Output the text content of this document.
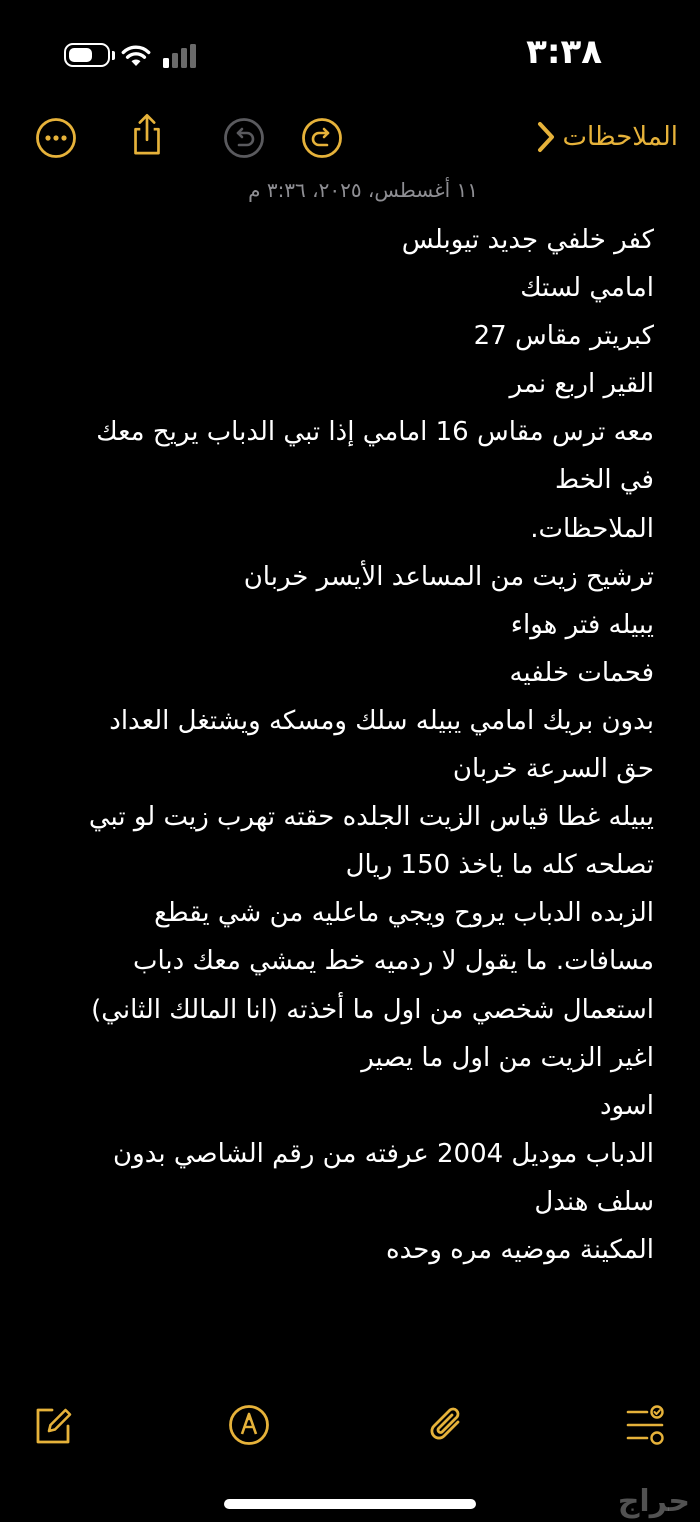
٣:٣٨
الملاحظات
١١ أغسطس، ٢٠٢٥، ٣:٣٦ م
كفر خلفي جديد تيوبلس
امامي لستك
كبريتر مقاس 27
القير اربع نمر
معه ترس مقاس 16 امامي إذا تبي الدباب يريح معك
في الخط
الملاحظات.
ترشيح زيت من المساعد الأيسر خربان
يبيله فتر هواء
فحمات خلفيه
بدون بريك امامي يبيله سلك ومسكه ويشتغل العداد
حق السرعة خربان
يبيله غطا قياس الزيت الجلده حقته تهرب زيت لو تبي
تصلحه كله ما ياخذ 150 ريال
الزبده الدباب يروح ويجي ماعليه من شي يقطع
مسافات. ما يقول لا ردميه خط يمشي معك دباب
استعمال شخصي من اول ما أخذته (انا المالك الثاني)
اغير الزيت من اول ما يصير
اسود
الدباب موديل 2004 عرفته من رقم الشاصي بدون
سلف هندل
المكينة موضيه مره وحده
حراج
